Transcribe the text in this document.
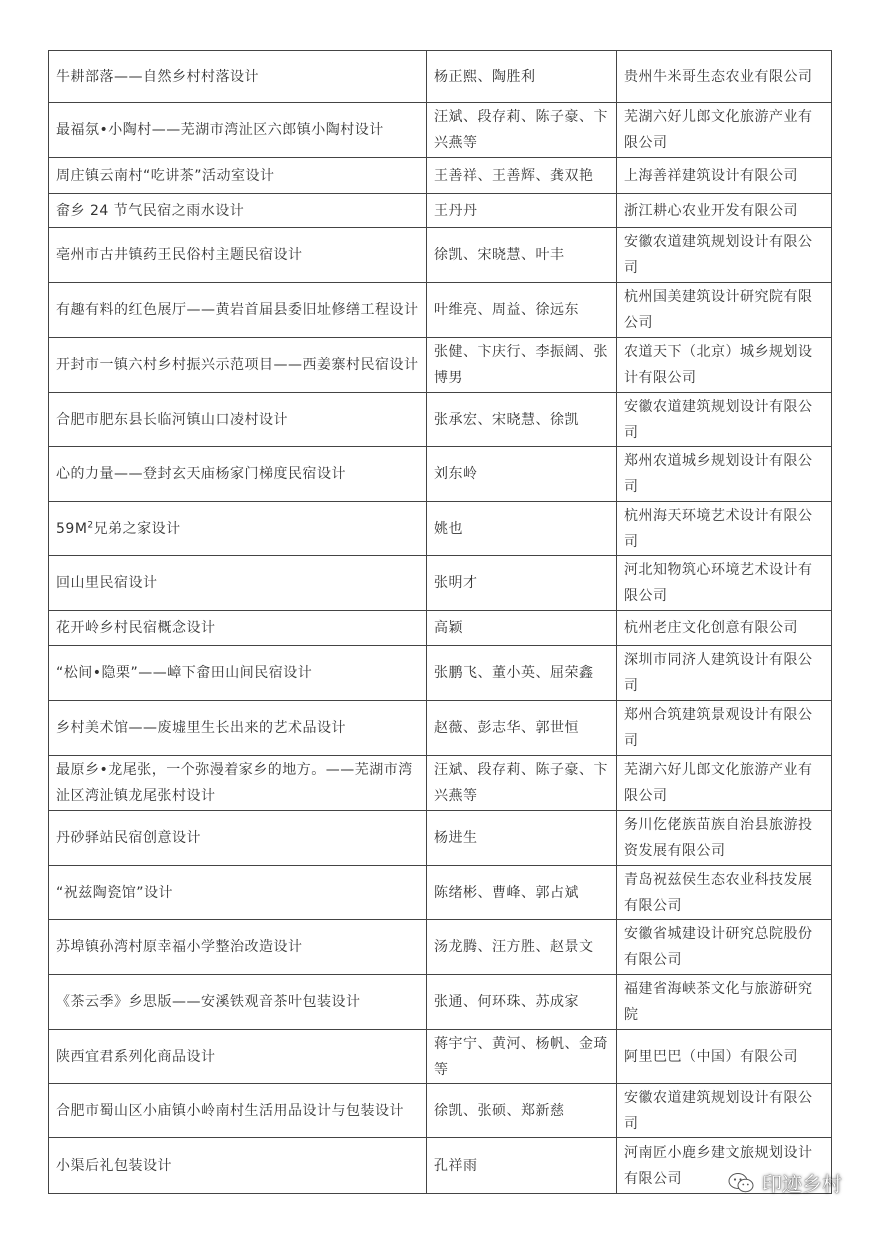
牛耕部落——自然乡村村落设计	杨正熙、陶胜利	贵州牛米哥生态农业有限公司
最福氛•小陶村——芜湖市湾沚区六郎镇小陶村设计	汪斌、段存莉、陈子豪、卞兴燕等	芜湖六好儿郎文化旅游产业有限公司
周庄镇云南村“吃讲茶”活动室设计	王善祥、王善辉、龚双艳	上海善祥建筑设计有限公司
畲乡 24 节气民宿之雨水设计	王丹丹	浙江耕心农业开发有限公司
亳州市古井镇药王民俗村主题民宿设计	徐凯、宋晓慧、叶丰	安徽农道建筑规划设计有限公司
有趣有料的红色展厅——黄岩首届县委旧址修缮工程设计	叶维亮、周益、徐远东	杭州国美建筑设计研究院有限公司
开封市一镇六村乡村振兴示范项目——西姜寨村民宿设计	张健、卞庆行、李振阔、张博男	农道天下（北京）城乡规划设计有限公司
合肥市肥东县长临河镇山口凌村设计	张承宏、宋晓慧、徐凯	安徽农道建筑规划设计有限公司
心的力量——登封玄天庙杨家门梯度民宿设计	刘东岭	郑州农道城乡规划设计有限公司
$59M^2$兄弟之家设计	姚也	杭州海天环境艺术设计有限公司
回山里民宿设计	张明才	河北知物筑心环境艺术设计有限公司
花开岭乡村民宿概念设计	高颖	杭州老庄文化创意有限公司
“松间•隐栗”——嶂下畲田山间民宿设计	张鹏飞、董小英、屈荣鑫	深圳市同济人建筑设计有限公司
乡村美术馆——废墟里生长出来的艺术品设计	赵薇、彭志华、郭世恒	郑州合筑建筑景观设计有限公司
最原乡•龙尾张，一个弥漫着家乡的地方。——芜湖市湾沚区湾沚镇龙尾张村设计	汪斌、段存莉、陈子豪、卞兴燕等	芜湖六好儿郎文化旅游产业有限公司
丹砂驿站民宿创意设计	杨进生	务川仡佬族苗族自治县旅游投资发展有限公司
“祝兹陶瓷馆”设计	陈绪彬、曹峰、郭占斌	青岛祝兹侯生态农业科技发展有限公司
苏埠镇孙湾村原幸福小学整治改造设计	汤龙腾、汪方胜、赵景文	安徽省城建设计研究总院股份有限公司
《茶云季》乡思版——安溪铁观音茶叶包装设计	张通、何环珠、苏成家	福建省海峡茶文化与旅游研究院
陕西宜君系列化商品设计	蒋宇宁、黄河、杨帆、金琦等	阿里巴巴（中国）有限公司
合肥市蜀山区小庙镇小岭南村生活用品设计与包装设计	徐凯、张硕、郑新慈	安徽农道建筑规划设计有限公司
小渠后礼包装设计	孔祥雨	河南匠小鹿乡建文旅规划设计有限公司	印迹乡村
